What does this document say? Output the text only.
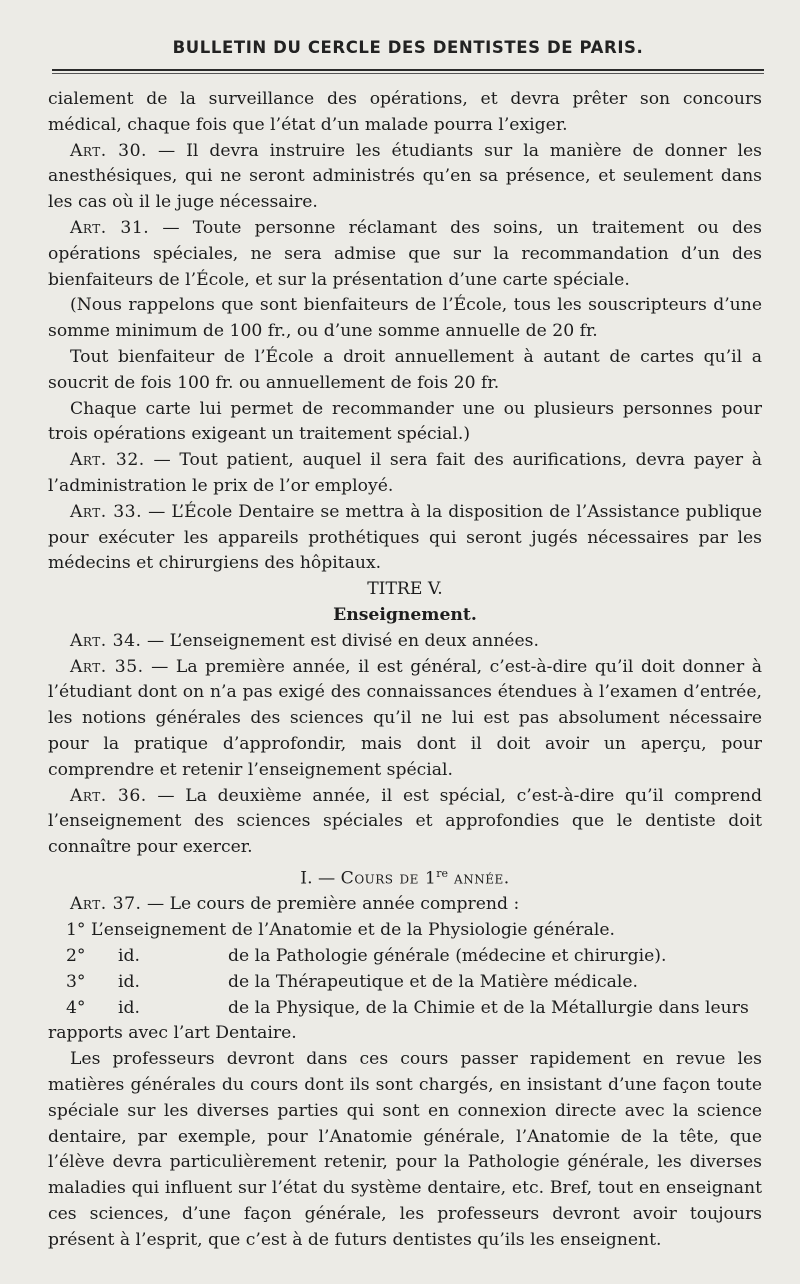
BULLETIN DU CERCLE DES DENTISTES DE PARIS.

cialement de la surveillance des opérations, et devra prêter son concours médical, chaque fois que l’état d’un malade pourra l’exiger.

Art. 30. — Il devra instruire les étudiants sur la manière de donner les anesthésiques, qui ne seront administrés qu’en sa présence, et seulement dans les cas où il le juge nécessaire.

Art. 31. — Toute personne réclamant des soins, un traitement ou des opérations spéciales, ne sera admise que sur la recommandation d’un des bienfaiteurs de l’École, et sur la présentation d’une carte spéciale.

(Nous rappelons que sont bienfaiteurs de l’École, tous les souscripteurs d’une somme minimum de 100 fr., ou d’une somme annuelle de 20 fr.

Tout bienfaiteur de l’École a droit annuellement à autant de cartes qu’il a soucrit de fois 100 fr. ou annuellement de fois 20 fr.

Chaque carte lui permet de recommander une ou plusieurs personnes pour trois opérations exigeant un traitement spécial.)

Art. 32. — Tout patient, auquel il sera fait des aurifications, devra payer à l’administration le prix de l’or employé.

Art. 33. — L’École Dentaire se mettra à la disposition de l’Assistance publique pour exécuter les appareils prothétiques qui seront jugés nécessaires par les médecins et chirurgiens des hôpitaux.

TITRE V.

Enseignement.

Art. 34. — L’enseignement est divisé en deux années.

Art. 35. — La première année, il est général, c’est-à-dire qu’il doit donner à l’étudiant dont on n’a pas exigé des connaissances étendues à l’examen d’entrée, les notions générales des sciences qu’il ne lui est pas absolument nécessaire pour la pratique d’approfondir, mais dont il doit avoir un aperçu, pour comprendre et retenir l’enseignement spécial.

Art. 36. — La deuxième année, il est spécial, c’est-à-dire qu’il comprend l’enseignement des sciences spéciales et approfondies que le dentiste doit connaître pour exercer.

I. — Cours de 1re année.

Art. 37. — Le cours de première année comprend :

1° L’enseignement de l’Anatomie et de la Physiologie générale.

2°	id.	de la Pathologie générale (médecine et chirurgie).
3°	id.	de la Thérapeutique et de la Matière médicale.
4°	id.	de la Physique, de la Chimie et de la Métallurgie dans leurs

rapports avec l’art Dentaire.

Les professeurs devront dans ces cours passer rapidement en revue les matières générales du cours dont ils sont chargés, en insistant d’une façon toute spéciale sur les diverses parties qui sont en connexion directe avec la science dentaire, par exemple, pour l’Anatomie générale, l’Anatomie de la tête, que l’élève devra particulièrement retenir, pour la Pathologie générale, les diverses maladies qui influent sur l’état du système dentaire, etc. Bref, tout en enseignant ces sciences, d’une façon générale, les professeurs devront avoir toujours présent à l’esprit, que c’est à de futurs dentistes qu’ils les enseignent.
